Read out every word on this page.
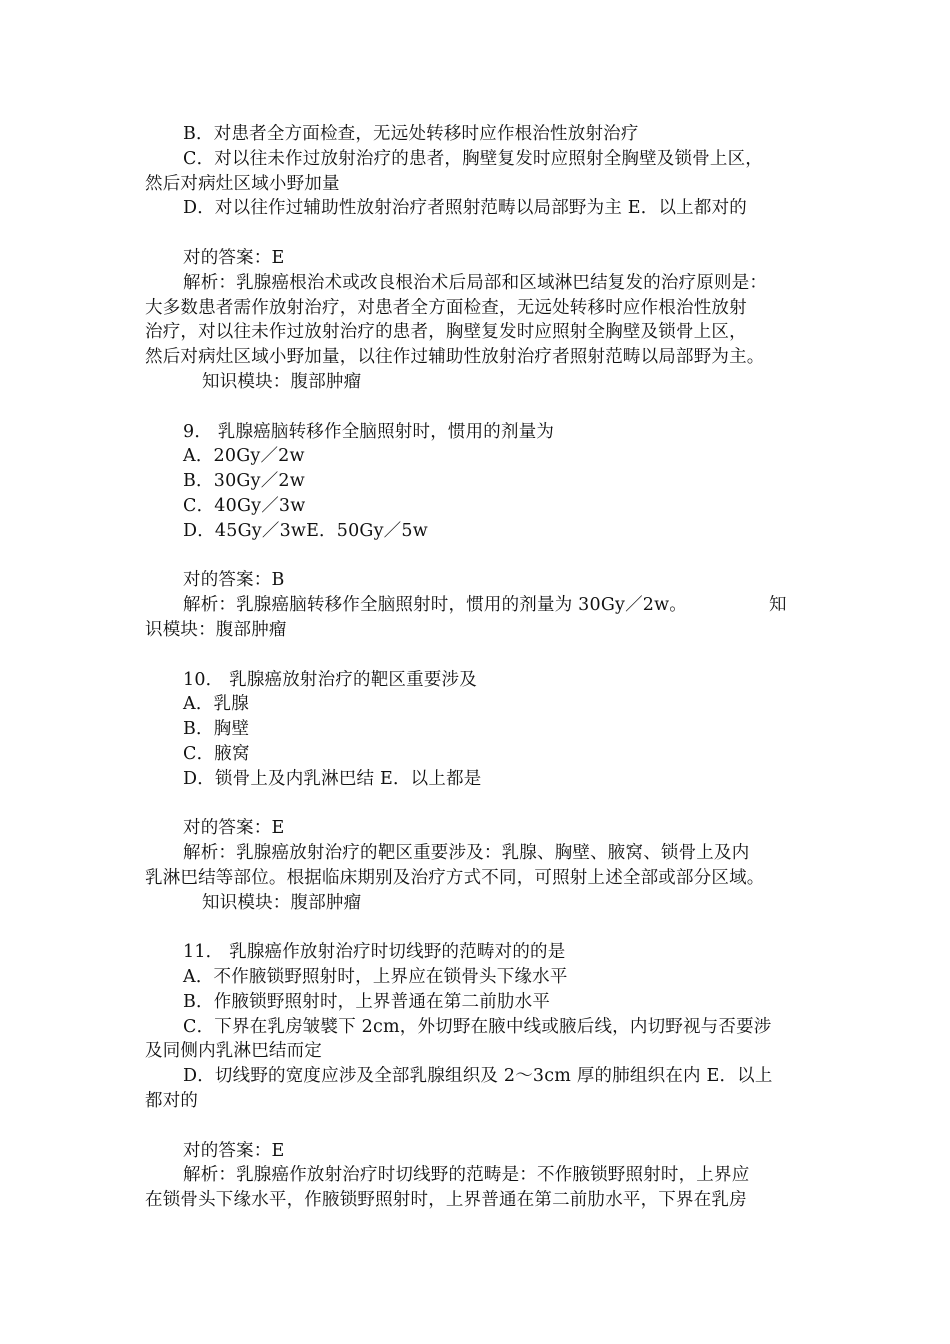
B．对患者全方面检查，无远处转移时应作根治性放射治疗
C．对以往未作过放射治疗的患者，胸壁复发时应照射全胸壁及锁骨上区，
然后对病灶区域小野加量
D．对以往作过辅助性放射治疗者照射范畴以局部野为主 E．以上都对的
对的答案：E
解析：乳腺癌根治术或改良根治术后局部和区域淋巴结复发的治疗原则是：
大多数患者需作放射治疗，对患者全方面检查，无远处转移时应作根治性放射
治疗，对以往未作过放射治疗的患者，胸壁复发时应照射全胸壁及锁骨上区，
然后对病灶区域小野加量，以往作过辅助性放射治疗者照射范畴以局部野为主。
知识模块：腹部肿瘤
9． 乳腺癌脑转移作全脑照射时，惯用的剂量为
A．20Gy／2w
B．30Gy／2w
C．40Gy／3w
D．45Gy／3wE．50Gy／5w
对的答案：B
解析：乳腺癌脑转移作全脑照射时，惯用的剂量为 30Gy／2w。	知
识模块：腹部肿瘤
10． 乳腺癌放射治疗的靶区重要涉及
A．乳腺
B．胸壁
C．腋窝
D．锁骨上及内乳淋巴结 E．以上都是
对的答案：E
解析：乳腺癌放射治疗的靶区重要涉及：乳腺、胸壁、腋窝、锁骨上及内
乳淋巴结等部位。根据临床期别及治疗方式不同，可照射上述全部或部分区域。
知识模块：腹部肿瘤
11． 乳腺癌作放射治疗时切线野的范畴对的的是
A．不作腋锁野照射时，上界应在锁骨头下缘水平
B．作腋锁野照射时，上界普通在第二前肋水平
C．下界在乳房皱襞下 2cm，外切野在腋中线或腋后线，内切野视与否要涉
及同侧内乳淋巴结而定
D．切线野的宽度应涉及全部乳腺组织及 2～3cm 厚的肺组织在内 E．以上
都对的
对的答案：E
解析：乳腺癌作放射治疗时切线野的范畴是：不作腋锁野照射时，上界应
在锁骨头下缘水平，作腋锁野照射时，上界普通在第二前肋水平，下界在乳房
